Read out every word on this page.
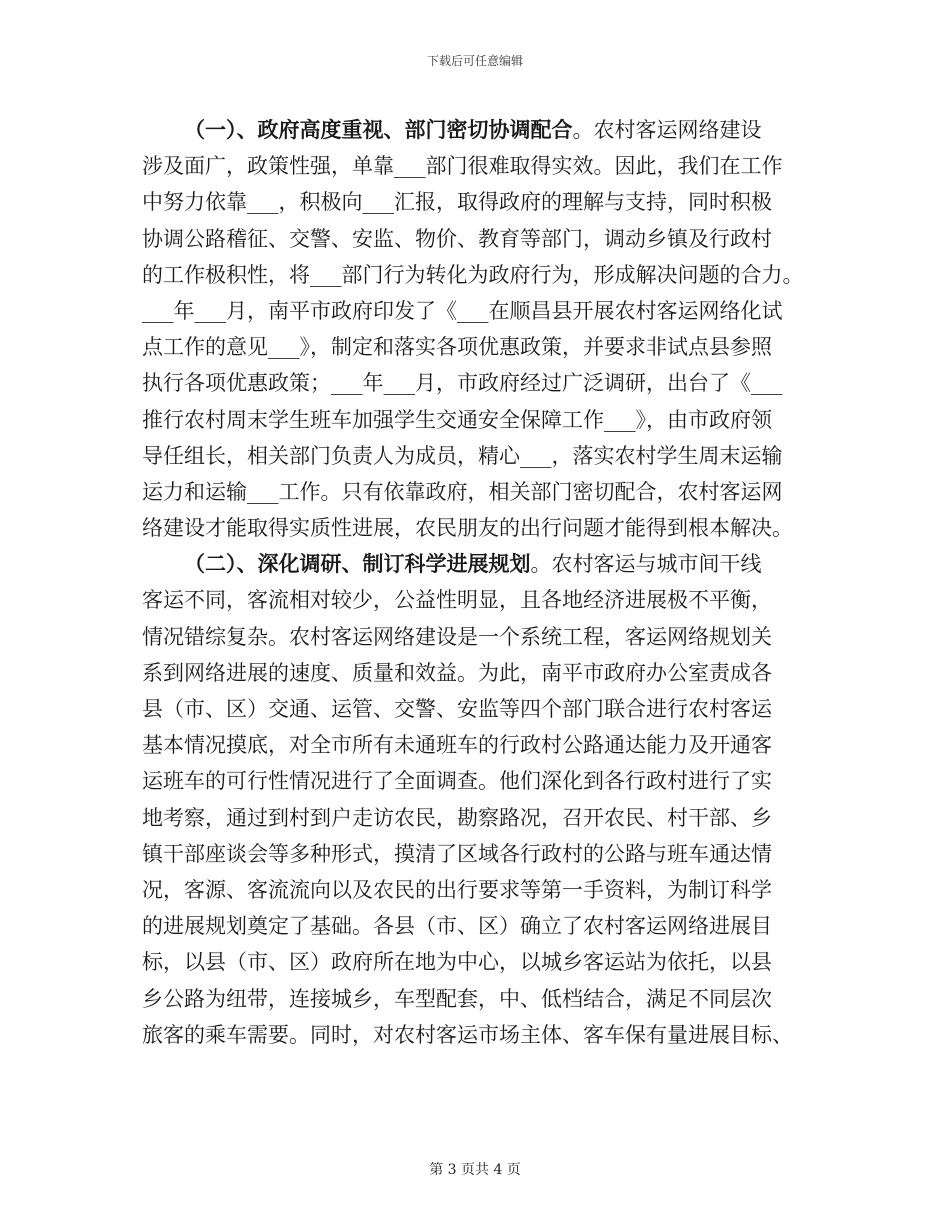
下载后可任意编辑
（一）、政府高度重视、部门密切协调配合。农村客运网络建设
涉及面广，政策性强，单靠___部门很难取得实效。因此，我们在工作
中努力依靠___，积极向___汇报，取得政府的理解与支持，同时积极
协调公路稽征、交警、安监、物价、教育等部门，调动乡镇及行政村
的工作极积性，将___部门行为转化为政府行为，形成解决问题的合力。
___年___月，南平市政府印发了《___在顺昌县开展农村客运网络化试
点工作的意见___》，制定和落实各项优惠政策，并要求非试点县参照
执行各项优惠政策；___年___月，市政府经过广泛调研，出台了《___
推行农村周末学生班车加强学生交通安全保障工作___》，由市政府领
导任组长，相关部门负责人为成员，精心___，落实农村学生周末运输
运力和运输___工作。只有依靠政府，相关部门密切配合，农村客运网
络建设才能取得实质性进展，农民朋友的出行问题才能得到根本解决。
（二）、深化调研、制订科学进展规划。农村客运与城市间干线
客运不同，客流相对较少，公益性明显，且各地经济进展极不平衡，
情况错综复杂。农村客运网络建设是一个系统工程，客运网络规划关
系到网络进展的速度、质量和效益。为此，南平市政府办公室责成各
县（市、区）交通、运管、交警、安监等四个部门联合进行农村客运
基本情况摸底，对全市所有未通班车的行政村公路通达能力及开通客
运班车的可行性情况进行了全面调查。他们深化到各行政村进行了实
地考察，通过到村到户走访农民，勘察路况，召开农民、村干部、乡
镇干部座谈会等多种形式，摸清了区域各行政村的公路与班车通达情
况，客源、客流流向以及农民的出行要求等第一手资料，为制订科学
的进展规划奠定了基础。各县（市、区）确立了农村客运网络进展目
标，以县（市、区）政府所在地为中心，以城乡客运站为依托，以县
乡公路为纽带，连接城乡，车型配套，中、低档结合，满足不同层次
旅客的乘车需要。同时，对农村客运市场主体、客车保有量进展目标、
第 3 页共 4 页
